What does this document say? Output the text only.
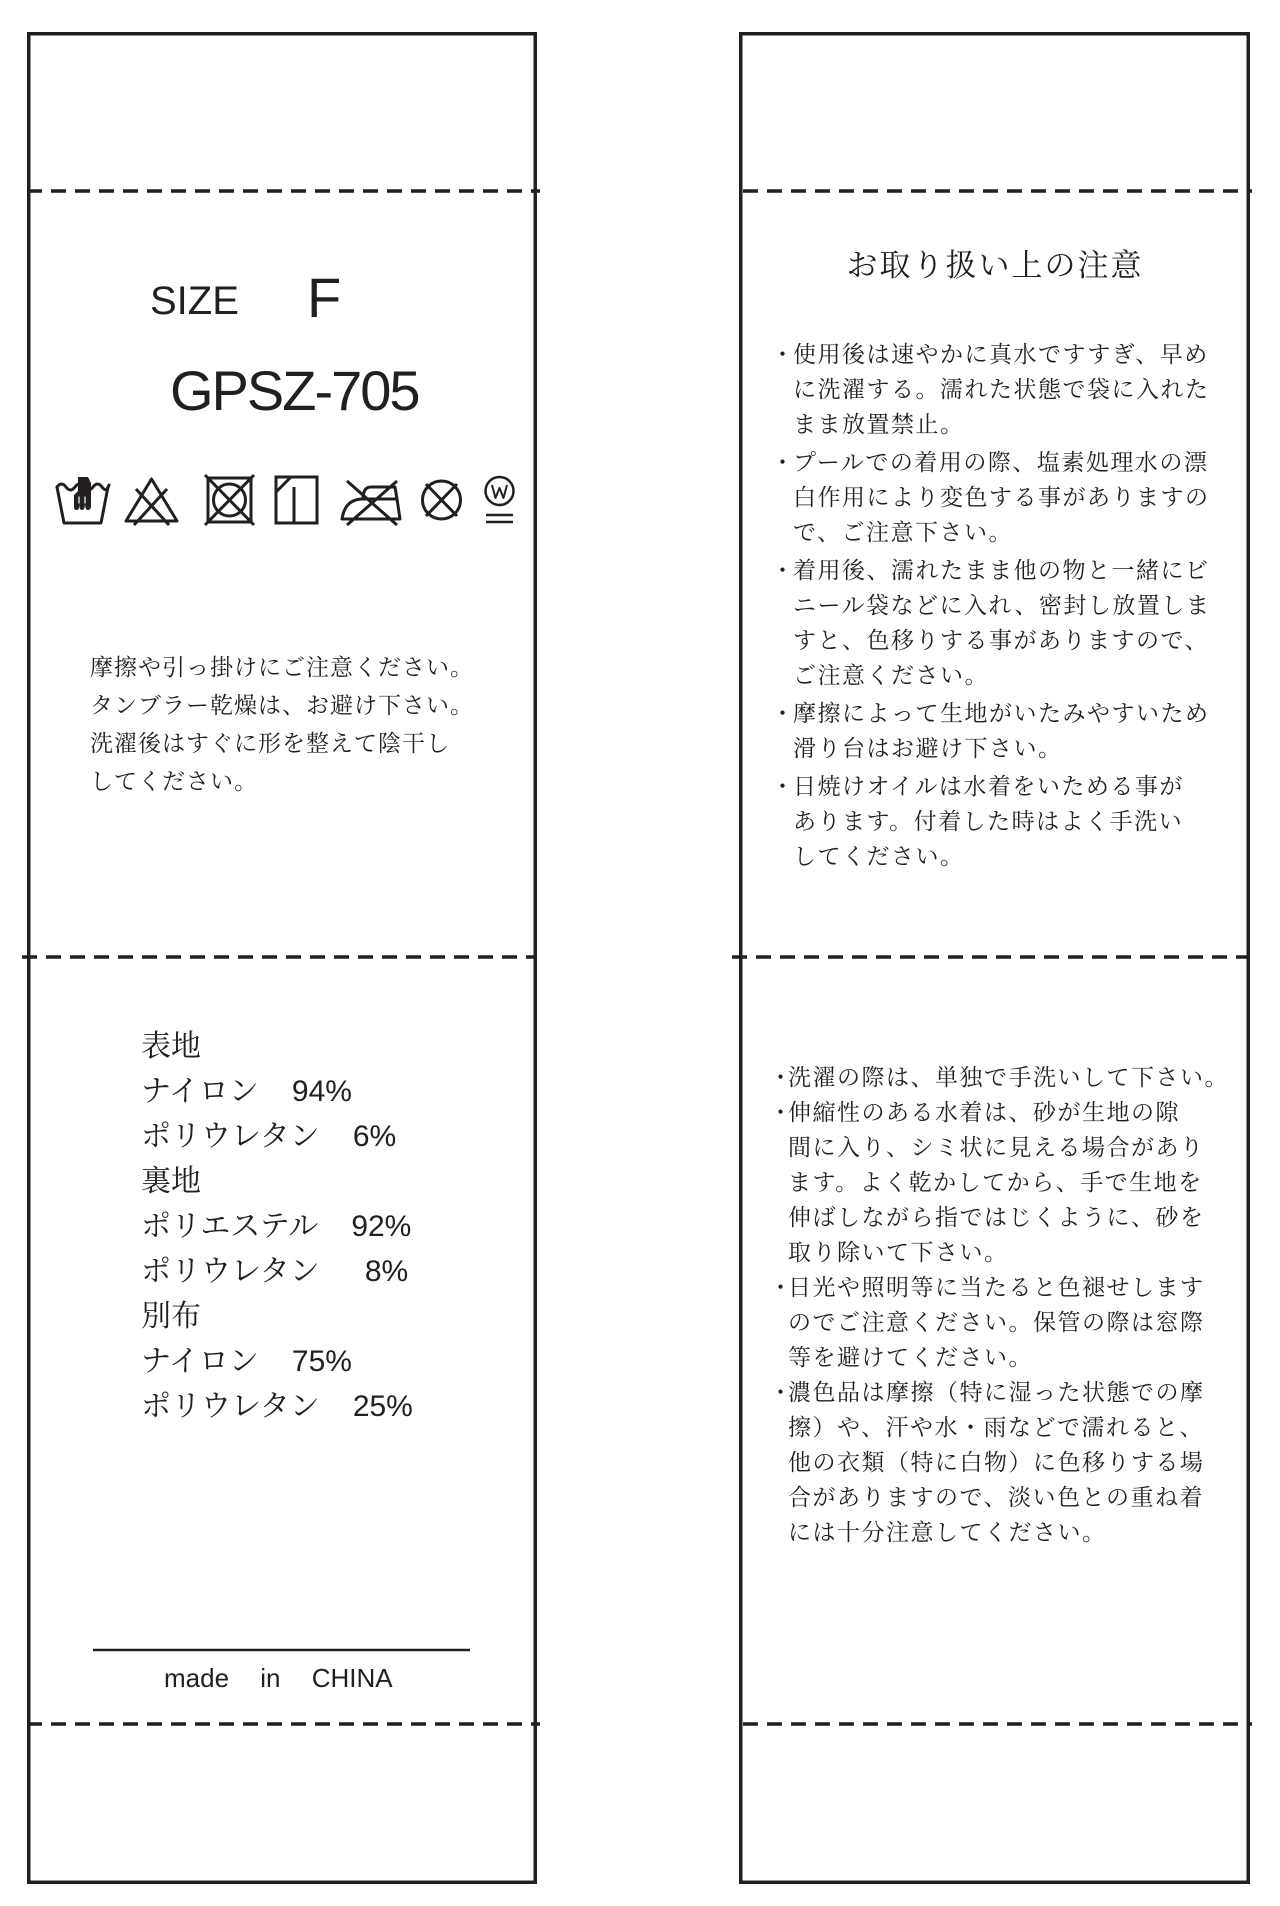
SIZE F
GPSZ-705
摩擦や引っ掛けにご注意ください。
タンブラー乾燥は、お避け下さい。
洗濯後はすぐに形を整えて陰干し
してください。
表地
ナイロン 94%
ポリウレタン 6%
裏地
ポリエステル 92%
ポリウレタン 8%
別布
ナイロン 75%
ポリウレタン 25%
made in CHINA
お取り扱い上の注意
・
使用後は速やかに真水ですすぎ、早め
に洗濯する。濡れた状態で袋に入れた
まま放置禁止。
・
プールでの着用の際、塩素処理水の漂
白作用により変色する事がありますの
で、ご注意下さい。
・
着用後、濡れたまま他の物と一緒にビ
ニール袋などに入れ、密封し放置しま
すと、色移りする事がありますので、
ご注意ください。
・
摩擦によって生地がいたみやすいため
滑り台はお避け下さい。
・
日焼けオイルは水着をいためる事が
あります。付着した時はよく手洗い
してください。
・
洗濯の際は、単独で手洗いして下さい。
・
伸縮性のある水着は、砂が生地の隙
間に入り、シミ状に見える場合があり
ます。よく乾かしてから、手で生地を
伸ばしながら指ではじくように、砂を
取り除いて下さい。
・
日光や照明等に当たると色褪せします
のでご注意ください。保管の際は窓際
等を避けてください。
・
濃色品は摩擦（特に湿った状態での摩
擦）や、汗や水・雨などで濡れると、
他の衣類（特に白物）に色移りする場
合がありますので、淡い色との重ね着
には十分注意してください。
